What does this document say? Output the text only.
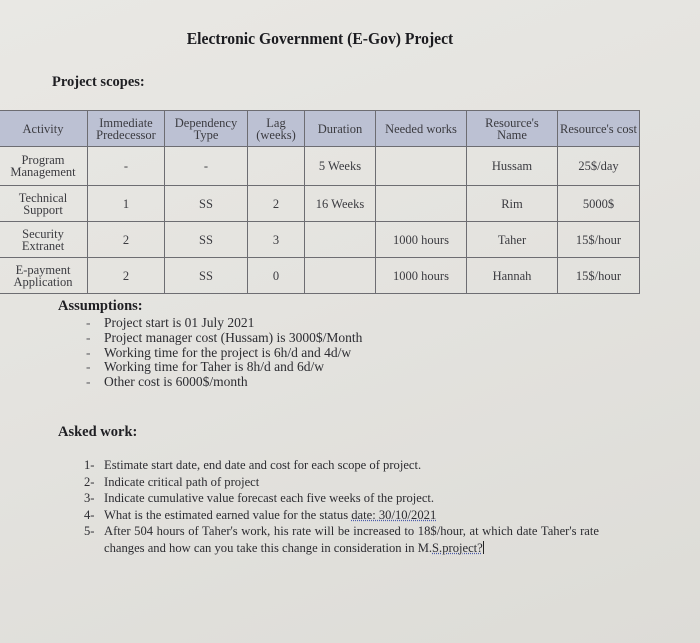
Electronic Government (E-Gov) Project
Project scopes:
Activity	Immediate Predecessor	Dependency Type	Lag (weeks)	Duration	Needed works	Resource's Name	Resource's cost
Program Management	-	-		5 Weeks		Hussam	25$/day
Technical Support	1	SS	2	16 Weeks		Rim	5000$
Security Extranet	2	SS	3		1000 hours	Taher	15$/hour
E-payment Application	2	SS	0		1000 hours	Hannah	15$/hour
Assumptions:
- Project start is 01 July 2021
- Project manager cost (Hussam) is 3000$/Month
- Working time for the project is 6h/d and 4d/w
- Working time for Taher is 8h/d and 6d/w
- Other cost is 6000$/month
Asked work:
1- Estimate start date, end date and cost for each scope of project.
2- Indicate critical path of project
3- Indicate cumulative value forecast each five weeks of the project.
4- What is the estimated earned value for the status date: 30/10/2021
5- After 504 hours of Taher's work, his rate will be increased to 18$/hour, at which date Taher's rate changes and how can you take this change in consideration in M.S.project?
